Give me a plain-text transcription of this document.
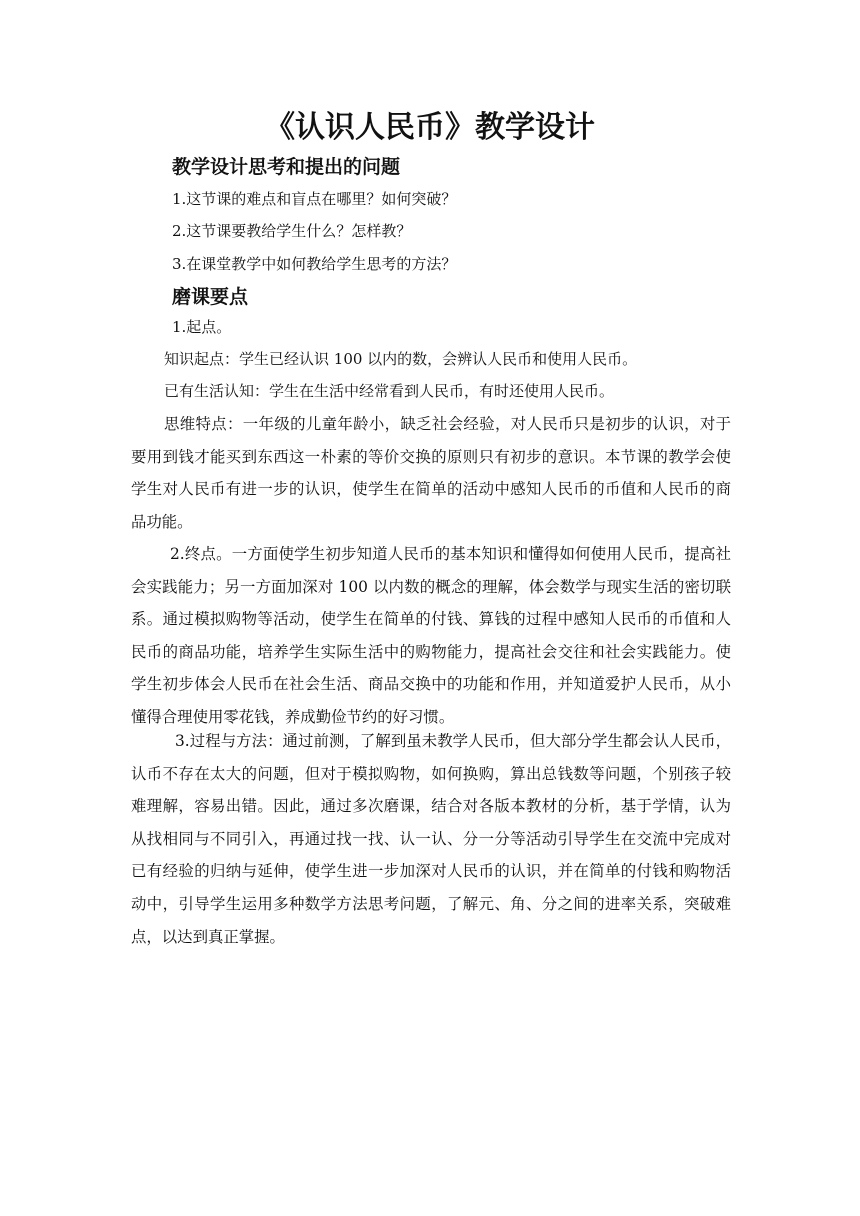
《认识人民币》教学设计
教学设计思考和提出的问题

1.这节课的难点和盲点在哪里？如何突破？

2.这节课要教给学生什么？怎样教？

3.在课堂教学中如何教给学生思考的方法？

磨课要点

1.起点。

知识起点：学生已经认识 100 以内的数，会辨认人民币和使用人民币。

已有生活认知：学生在生活中经常看到人民币，有时还使用人民币。

思维特点：一年级的儿童年龄小，缺乏社会经验，对人民币只是初步的认识，对于要用到钱才能买到东西这一朴素的等价交换的原则只有初步的意识。本节课的教学会使学生对人民币有进一步的认识，使学生在简单的活动中感知人民币的币值和人民币的商品功能。

2.终点。一方面使学生初步知道人民币的基本知识和懂得如何使用人民币，提高社会实践能力；另一方面加深对 100 以内数的概念的理解，体会数学与现实生活的密切联系。通过模拟购物等活动，使学生在简单的付钱、算钱的过程中感知人民币的币值和人民币的商品功能，培养学生实际生活中的购物能力，提高社会交往和社会实践能力。使学生初步体会人民币在社会生活、商品交换中的功能和作用，并知道爱护人民币，从小懂得合理使用零花钱，养成勤俭节约的好习惯。

3.过程与方法：通过前测，了解到虽未教学人民币，但大部分学生都会认人民币，认币不存在太大的问题，但对于模拟购物，如何换购，算出总钱数等问题，个别孩子较难理解，容易出错。因此，通过多次磨课，结合对各版本教材的分析，基于学情，认为从找相同与不同引入，再通过找一找、认一认、分一分等活动引导学生在交流中完成对已有经验的归纳与延伸，使学生进一步加深对人民币的认识，并在简单的付钱和购物活动中，引导学生运用多种数学方法思考问题，了解元、角、分之间的进率关系，突破难点，以达到真正掌握。
